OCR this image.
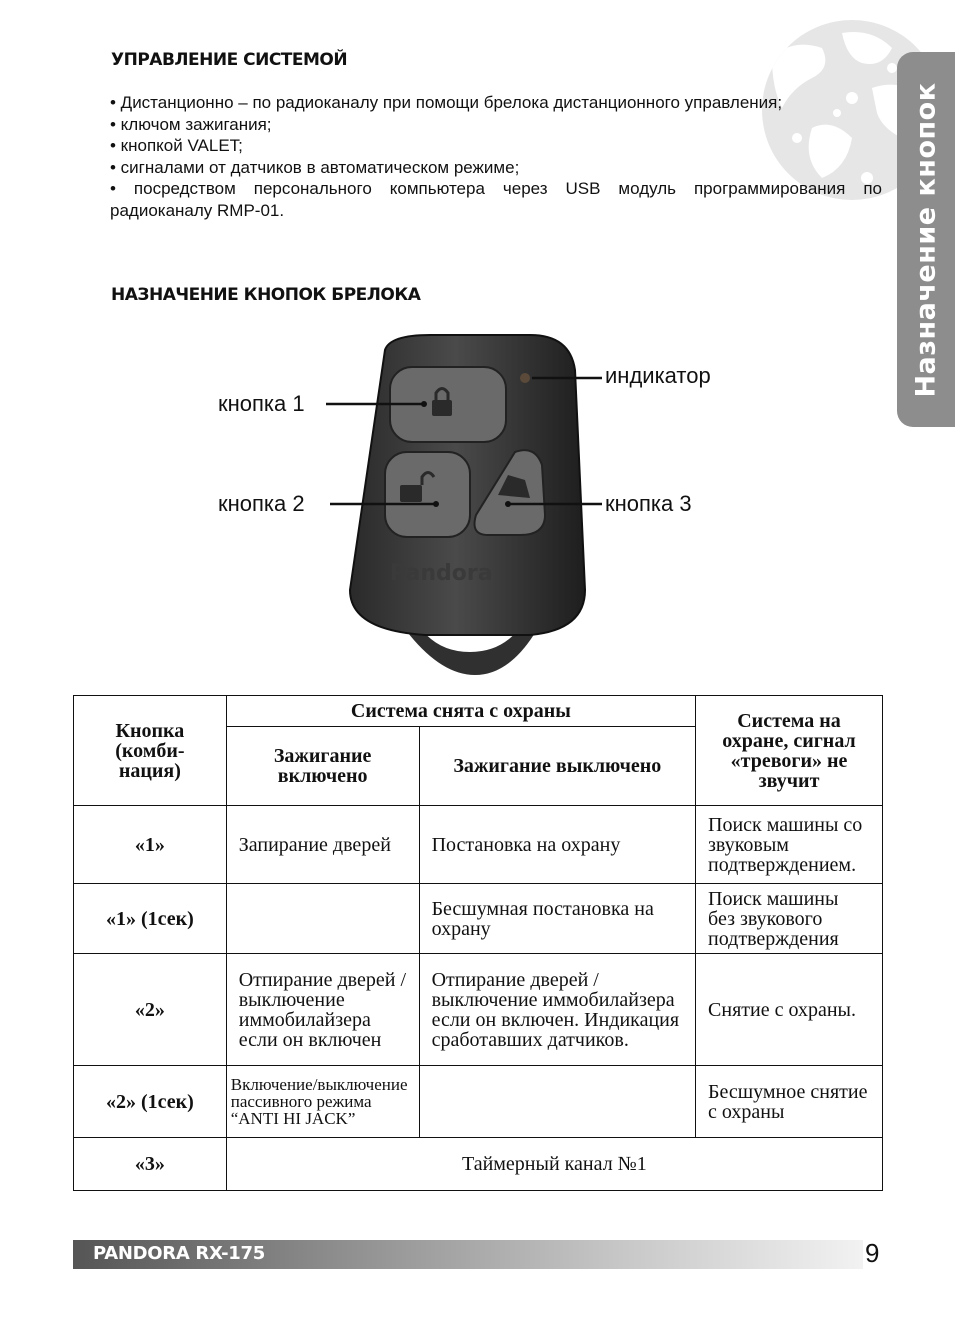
Назначение кнопок
УПРАВЛЕНИЕ СИСТЕМОЙ

• Дистанционно – по радиоканалу при помощи брелока дистанционного управления;

• ключом зажигания;

• кнопкой VALET;

• сигналами от датчиков в автоматическом режиме;

• посредством персонального компьютера через USB модуль программирования по радиоканалу RMP-01.

НАЗНАЧЕНИЕ КНОПОК БРЕЛОКА
Pandora
кнопка 1
кнопка 2	кнопка 3
индикатор
Кнопка (комби-нация)	Система снята с охраны		Система на охране, сигнал «тревоги» не звучит
	Зажигание включено	Зажигание выключено	
«1»	Запирание дверей	Постановка на охрану	Поиск машины со звуковым подтверждением.
«1» (1сек)		Бесшумная постановка на охрану	Поиск машины без звукового подтверждения
«2»	Отпирание дверей / выключение иммобилайзера если он включен	Отпирание дверей / выключение иммобилайзера если он включен. Индикация сработавших датчиков.	Снятие с охраны.
«2» (1сек)	Включение/выключение пассивного режима “ANTI HI JACK”		Бесшумное снятие с охраны
«3»	Таймерный канал №1		
PANDORA RX-175	9
